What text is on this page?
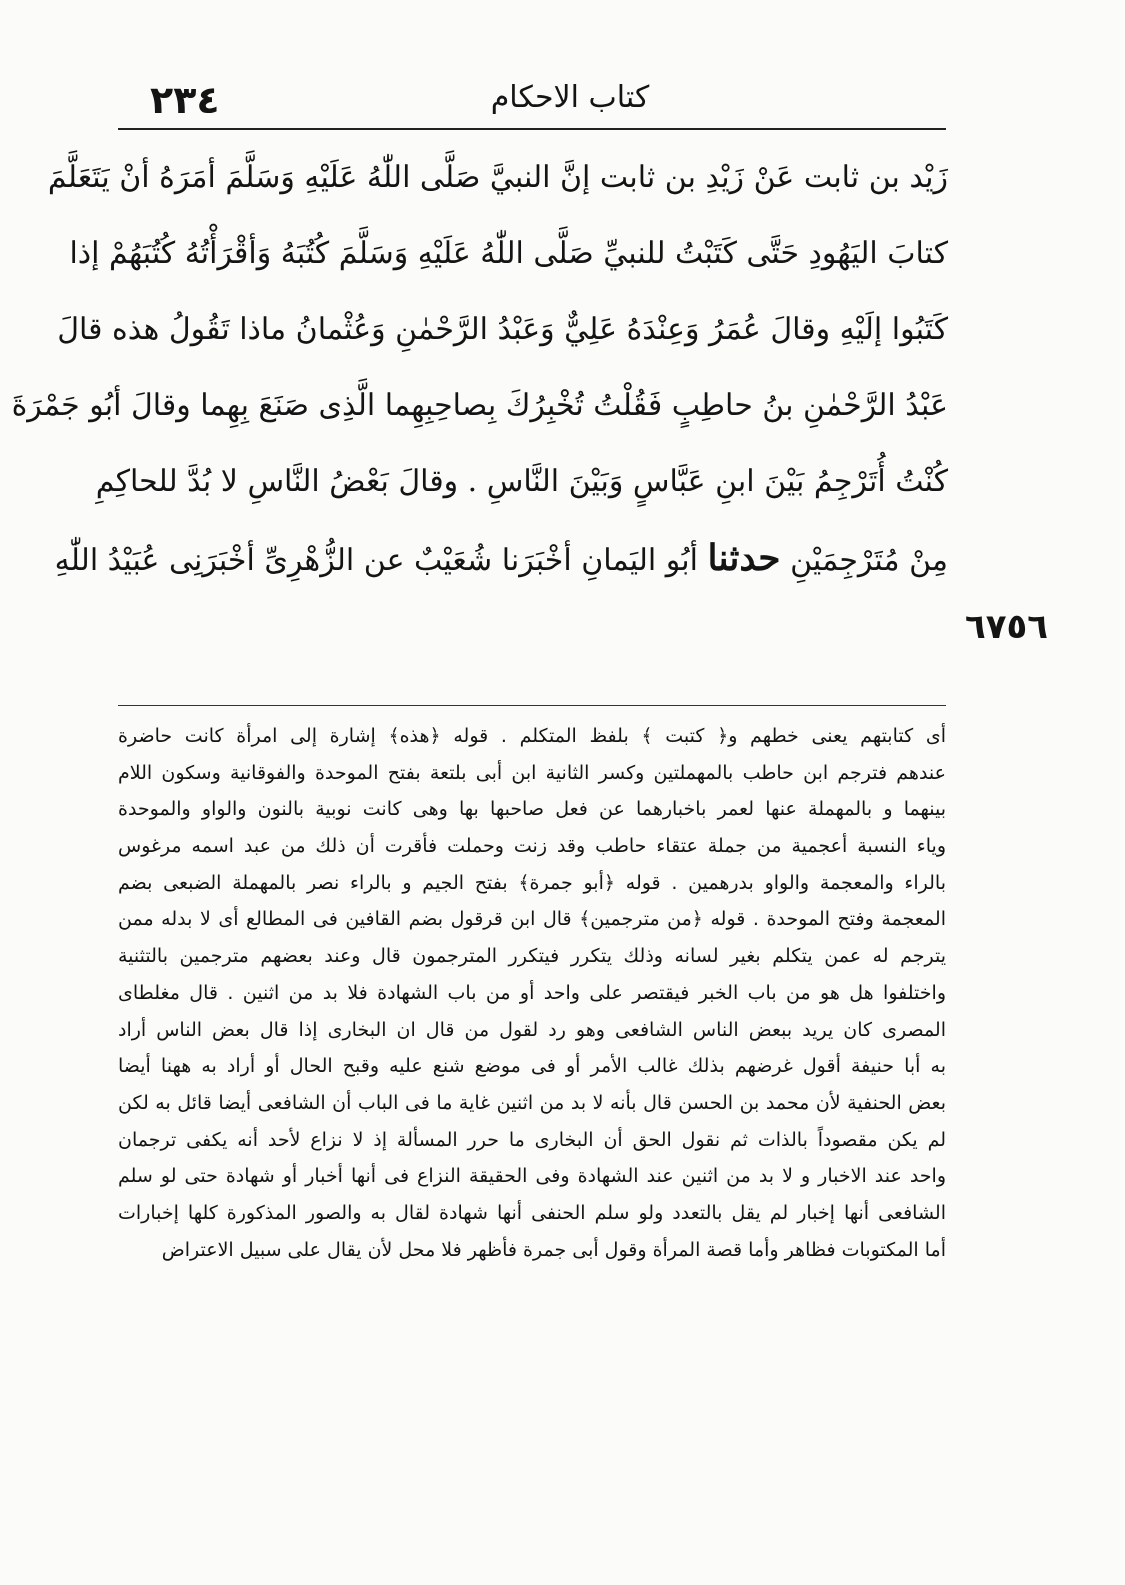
۲۳٤	كتاب الاحكام
زَيْد بن ثابت عَنْ زَيْدِ بن ثابت إنَّ النبيَّ صَلَّى اللّٰهُ عَلَيْهِ وَسَلَّمَ أمَرَهُ أنْ يَتَعَلَّمَ
كتابَ اليَهُودِ حَتَّى كَتَبْتُ للنبيِّ صَلَّى اللّٰهُ عَلَيْهِ وَسَلَّمَ كُتُبَهُ وَأقْرَأْتُهُ كُتُبَهُمْ إذا
كَتَبُوا إلَيْهِ وقالَ عُمَرُ وَعِنْدَهُ عَلِيٌّ وَعَبْدُ الرَّحْمٰنِ وَعُثْمانُ ماذا تَقُولُ هذه قالَ
عَبْدُ الرَّحْمٰنِ بنُ حاطِبٍ فَقُلْتُ تُخْبِرُكَ بِصاحِبِهِما الَّذِى صَنَعَ بِهِما وقالَ أبُو جَمْرَةَ
كُنْتُ أُتَرْجِمُ بَيْنَ ابنِ عَبَّاسٍ وَبَيْنَ النَّاسِ . وقالَ بَعْضُ النَّاسِ لا بُدَّ للحاكِمِ
مِنْ مُتَرْجِمَيْنِ حدثنا أبُو اليَمانِ أخْبَرَنا شُعَيْبٌ عن الزُّهْرِىِّ أخْبَرَنِى عُبَيْدُ اللّٰهِ
٦٧٥٦
أى كتابتهم يعنى خطهم و﴿ كتبت ﴾ بلفظ المتكلم . قوله ﴿هذه﴾ إشارة إلى امرأة كانت حاضرة
عندهم فترجم ابن حاطب بالمهملتين وكسر الثانية ابن أبى بلتعة بفتح الموحدة والفوقانية وسكون اللام
بينهما و بالمهملة عنها لعمر باخبارهما عن فعل صاحبها بها وهى كانت نوبية بالنون والواو والموحدة
وياء النسبة أعجمية من جملة عتقاء حاطب وقد زنت وحملت فأقرت أن ذلك من عبد اسمه مرغوس
بالراء والمعجمة والواو بدرهمين . قوله ﴿أبو جمرة﴾ بفتح الجيم و بالراء نصر بالمهملة الضبعى بضم
المعجمة وفتح الموحدة . قوله ﴿من مترجمين﴾ قال ابن قرقول بضم القافين فى المطالع أى لا بدله ممن
يترجم له عمن يتكلم بغير لسانه وذلك يتكرر فيتكرر المترجمون قال وعند بعضهم مترجمين بالتثنية
واختلفوا هل هو من باب الخبر فيقتصر على واحد أو من باب الشهادة فلا بد من اثنين . قال مغلطاى
المصرى كان يريد ببعض الناس الشافعى وهو رد لقول من قال ان البخارى إذا قال بعض الناس أراد
به أبا حنيفة أقول غرضهم بذلك غالب الأمر أو فى موضع شنع عليه وقبح الحال أو أراد به ههنا أيضا
بعض الحنفية لأن محمد بن الحسن قال بأنه لا بد من اثنين غاية ما فى الباب أن الشافعى أيضا قائل به لكن
لم يكن مقصوداً بالذات ثم نقول الحق أن البخارى ما حرر المسألة إذ لا نزاع لأحد أنه يكفى ترجمان
واحد عند الاخبار و لا بد من اثنين عند الشهادة وفى الحقيقة النزاع فى أنها أخبار أو شهادة حتى لو سلم
الشافعى أنها إخبار لم يقل بالتعدد ولو سلم الحنفى أنها شهادة لقال به والصور المذكورة كلها إخبارات
أما المكتوبات فظاهر وأما قصة المرأة وقول أبى جمرة فأظهر فلا محل لأن يقال على سبيل الاعتراض
